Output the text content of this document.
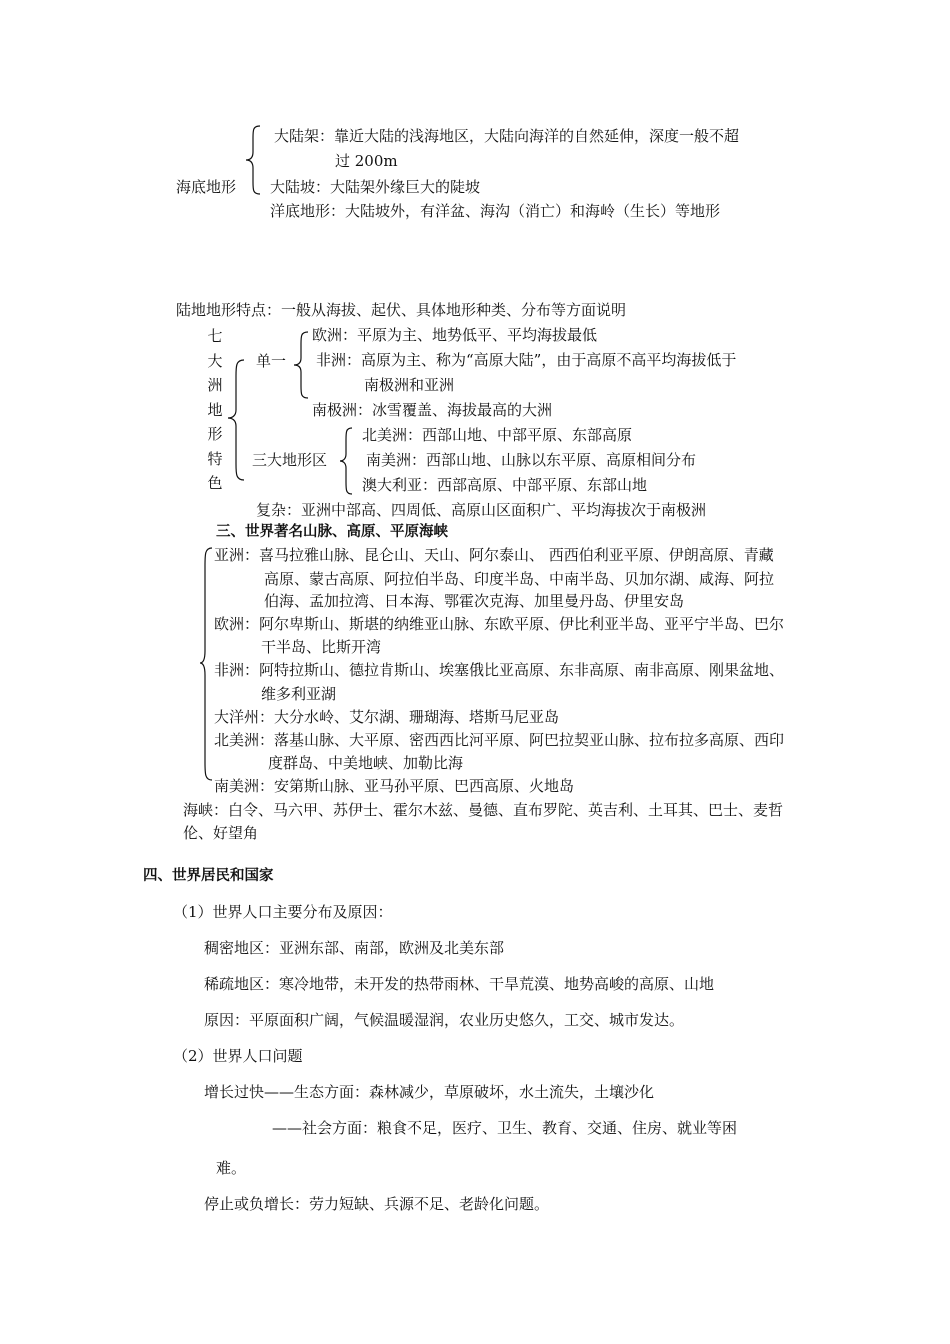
大陆架：靠近大陆的浅海地区，大陆向海洋的自然延伸，深度一般不超
过 200m
海底地形 大陆坡：大陆架外缘巨大的陡坡
洋底地形：大陆坡外，有洋盆、海沟（消亡）和海岭（生长）等地形
陆地地形特点：一般从海拔、起伏、具体地形种类、分布等方面说明
七大洲地形特色
单一
欧洲：平原为主、地势低平、平均海拔最低
非洲：高原为主、称为“高原大陆”，由于高原不高平均海拔低于
南极洲和亚洲
南极洲：冰雪覆盖、海拔最高的大洲
三大地形区
北美洲：西部山地、中部平原、东部高原
南美洲：西部山地、山脉以东平原、高原相间分布
澳大利亚：西部高原、中部平原、东部山地
复杂：亚洲中部高、四周低、高原山区面积广、平均海拔次于南极洲
三、世界著名山脉、高原、平原海峡
亚洲：喜马拉雅山脉、昆仑山、天山、阿尔泰山、 西西伯利亚平原、伊朗高原、青藏
高原、蒙古高原、阿拉伯半岛、印度半岛、中南半岛、贝加尔湖、咸海、阿拉
伯海、孟加拉湾、日本海、鄂霍次克海、加里曼丹岛、伊里安岛
欧洲：阿尔卑斯山、斯堪的纳维亚山脉、东欧平原、伊比利亚半岛、亚平宁半岛、巴尔
干半岛、比斯开湾
非洲：阿特拉斯山、德拉肯斯山、埃塞俄比亚高原、东非高原、南非高原、刚果盆地、
维多利亚湖
大洋州：大分水岭、艾尔湖、珊瑚海、塔斯马尼亚岛
北美洲：落基山脉、大平原、密西西比河平原、阿巴拉契亚山脉、拉布拉多高原、西印
度群岛、中美地峡、加勒比海
南美洲：安第斯山脉、亚马孙平原、巴西高原、火地岛
海峡：白令、马六甲、苏伊士、霍尔木兹、曼德、直布罗陀、英吉利、土耳其、巴士、麦哲
伦、好望角
四、世界居民和国家
（1）世界人口主要分布及原因：
稠密地区：亚洲东部、南部，欧洲及北美东部
稀疏地区：寒冷地带，未开发的热带雨林、干旱荒漠、地势高峻的高原、山地
原因：平原面积广阔，气候温暖湿润，农业历史悠久，工交、城市发达。
（2）世界人口问题
增长过快——生态方面：森林减少，草原破坏，水土流失，土壤沙化
——社会方面：粮食不足，医疗、卫生、教育、交通、住房、就业等困
难。
停止或负增长：劳力短缺、兵源不足、老龄化问题。
